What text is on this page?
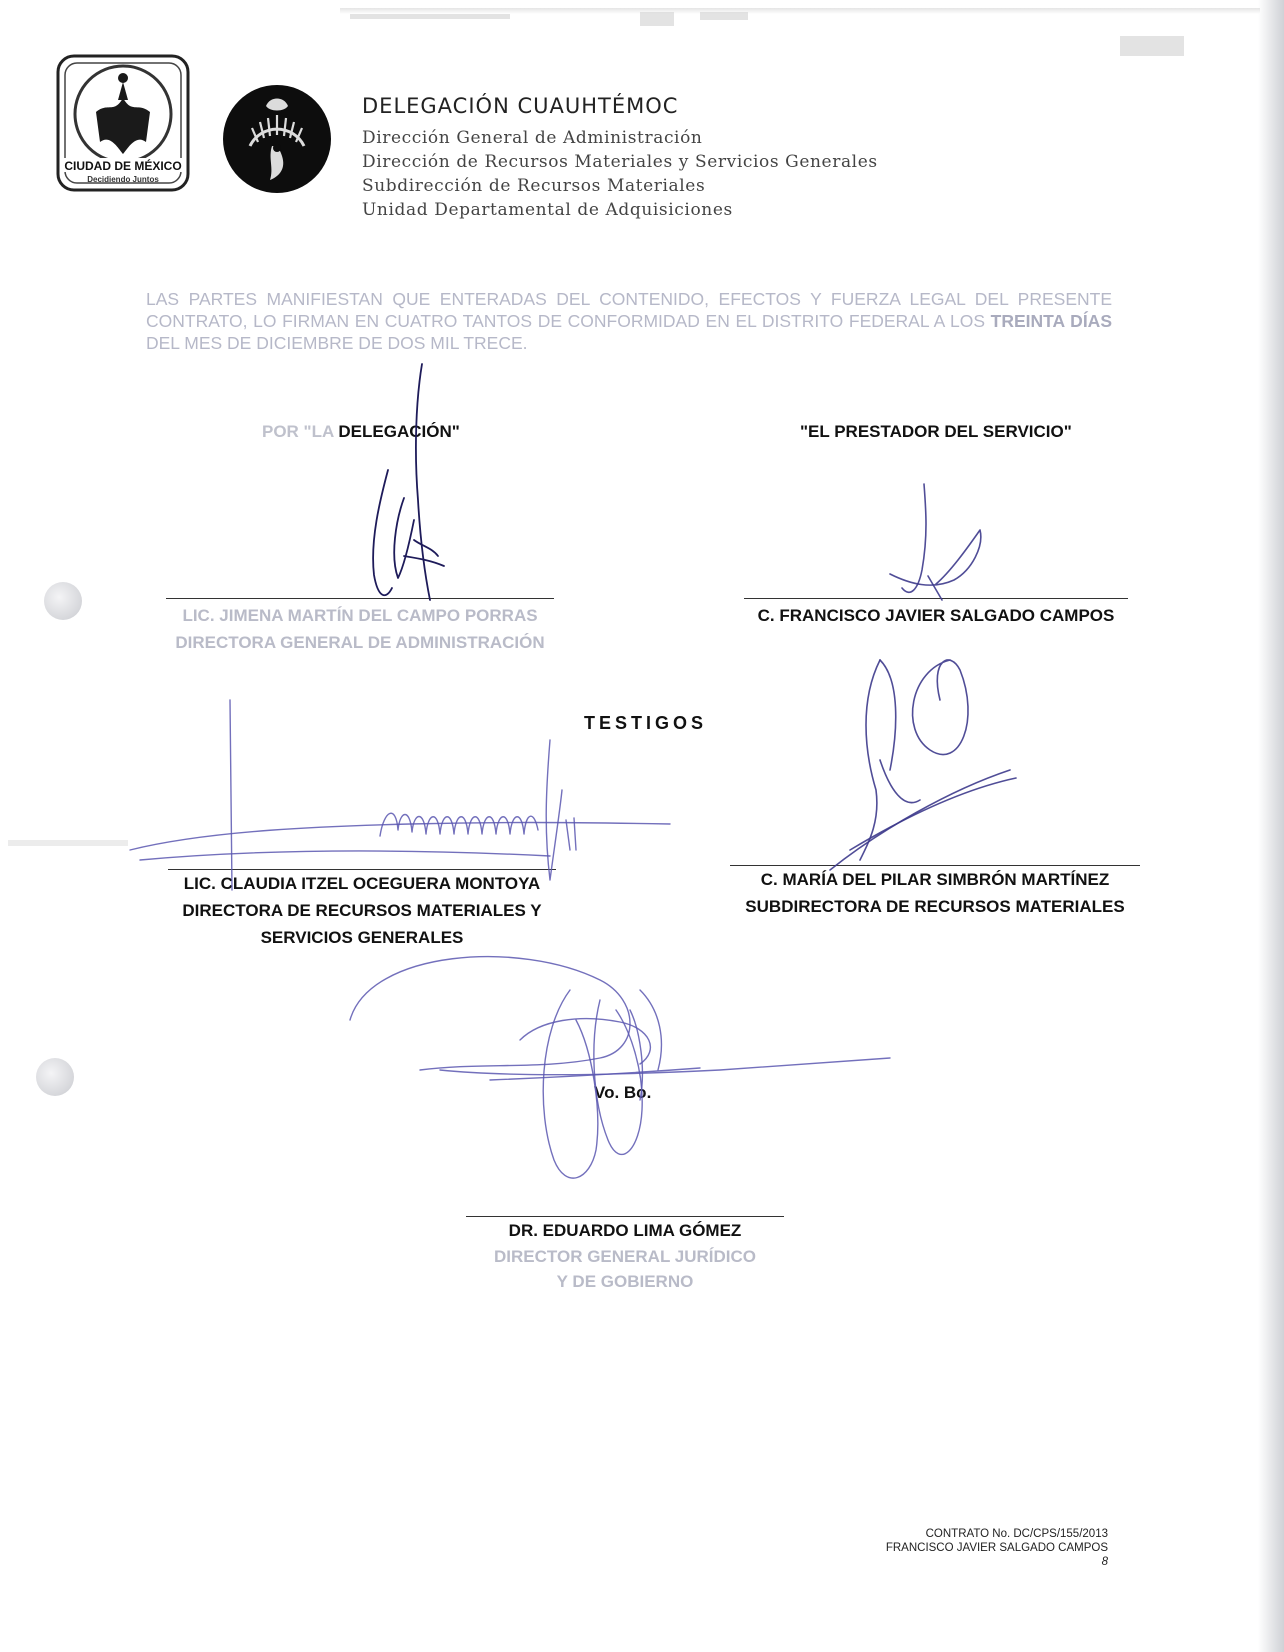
CIUDAD DE MÉXICO
Decidiendo Juntos
DELEGACIÓN CUAUHTÉMOC
Dirección General de Administración
Dirección de Recursos Materiales y Servicios Generales
Subdirección de Recursos Materiales
Unidad Departamental de Adquisiciones
LAS PARTES MANIFIESTAN QUE ENTERADAS DEL CONTENIDO, EFECTOS Y FUERZA LEGAL DEL PRESENTE CONTRATO, LO FIRMAN EN CUATRO TANTOS DE CONFORMIDAD EN EL DISTRITO FEDERAL A LOS TREINTA DÍAS DEL MES DE DICIEMBRE DE DOS MIL TRECE.
POR "LA DELEGACIÓN"	"EL PRESTADOR DEL SERVICIO"
LIC. JIMENA MARTÍN DEL CAMPO PORRAS
DIRECTORA GENERAL DE ADMINISTRACIÓN
C. FRANCISCO JAVIER SALGADO CAMPOS
TESTIGOS
LIC. CLAUDIA ITZEL OCEGUERA MONTOYA
DIRECTORA DE RECURSOS MATERIALES Y
SERVICIOS GENERALES
C. MARÍA DEL PILAR SIMBRÓN MARTÍNEZ
SUBDIRECTORA DE RECURSOS MATERIALES
Vo. Bo.
DR. EDUARDO LIMA GÓMEZ
DIRECTOR GENERAL JURÍDICO
Y DE GOBIERNO
CONTRATO No. DC/CPS/155/2013
FRANCISCO JAVIER SALGADO CAMPOS
8
